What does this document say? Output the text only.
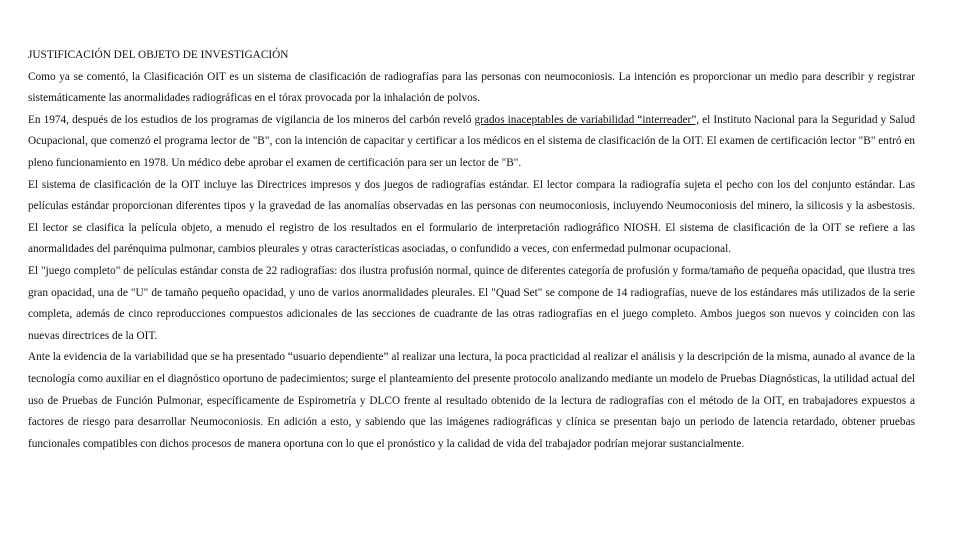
JUSTIFICACIÓN DEL OBJETO DE INVESTIGACIÓN

Como ya se comentó, la Clasificación OIT es un sistema de clasificación de radiografías para las personas con neumoconiosis. La intención es proporcionar un medio para describir y registrar sistemáticamente las anormalidades radiográficas en el tórax provocada por la inhalación de polvos.

En 1974, después de los estudios de los programas de vigilancia de los mineros del carbón reveló grados inaceptables de variabilidad “interreader”, el Instituto Nacional para la Seguridad y Salud Ocupacional, que comenzó el programa lector de "B", con la intención de capacitar y certificar a los médicos en el sistema de clasificación de la OIT. El examen de certificación lector "B" entró en pleno funcionamiento en 1978. Un médico debe aprobar el examen de certificación para ser un lector de "B".

El sistema de clasificación de la OIT incluye las Directrices impresos y dos juegos de radiografías estándar. El lector compara la radiografía sujeta el pecho con los del conjunto estándar. Las películas estándar proporcionan diferentes tipos y la gravedad de las anomalías observadas en las personas con neumoconiosis, incluyendo Neumoconiosis del minero, la silicosis y la asbestosis. El lector se clasifica la película objeto, a menudo el registro de los resultados en el formulario de interpretación radiográfico NIOSH. El sistema de clasificación de la OIT se refiere a las anormalidades del parénquima pulmonar, cambios pleurales y otras características asociadas, o confundido a veces, con enfermedad pulmonar ocupacional.

El "juego completo" de películas estándar consta de 22 radiografías: dos ilustra profusión normal, quince de diferentes categoría de profusión y forma/tamaño de pequeña opacidad, que ilustra tres gran opacidad, una de "U" de tamaño pequeño opacidad, y uno de varios anormalidades pleurales. El "Quad Set" se compone de 14 radiografías, nueve de los estándares más utilizados de la serie completa, además de cinco reproducciones compuestos adicionales de las secciones de cuadrante de las otras radiografías en el juego completo. Ambos juegos son nuevos y coinciden con las nuevas directrices de la OIT.

Ante la evidencia de la variabilidad que se ha presentado “usuario dependiente” al realizar una lectura, la poca practicidad al realizar el análisis y la descripción de la misma, aunado al avance de la tecnología como auxiliar en el diagnóstico oportuno de padecimientos; surge el planteamiento del presente protocolo analizando mediante un modelo de Pruebas Diagnósticas, la utilidad actual del uso de Pruebas de Función Pulmonar, específicamente de Espirometría y DLCO frente al resultado obtenido de la lectura de radiografías con el método de la OIT, en trabajadores expuestos a factores de riesgo para desarrollar Neumoconiosis. En adición a esto, y sabiendo que las imágenes radiográficas y clínica se presentan bajo un periodo de latencia retardado, obtener pruebas funcionales compatibles con dichos procesos de manera oportuna con lo que el pronóstico y la calidad de vida del trabajador podrían mejorar sustancialmente.
